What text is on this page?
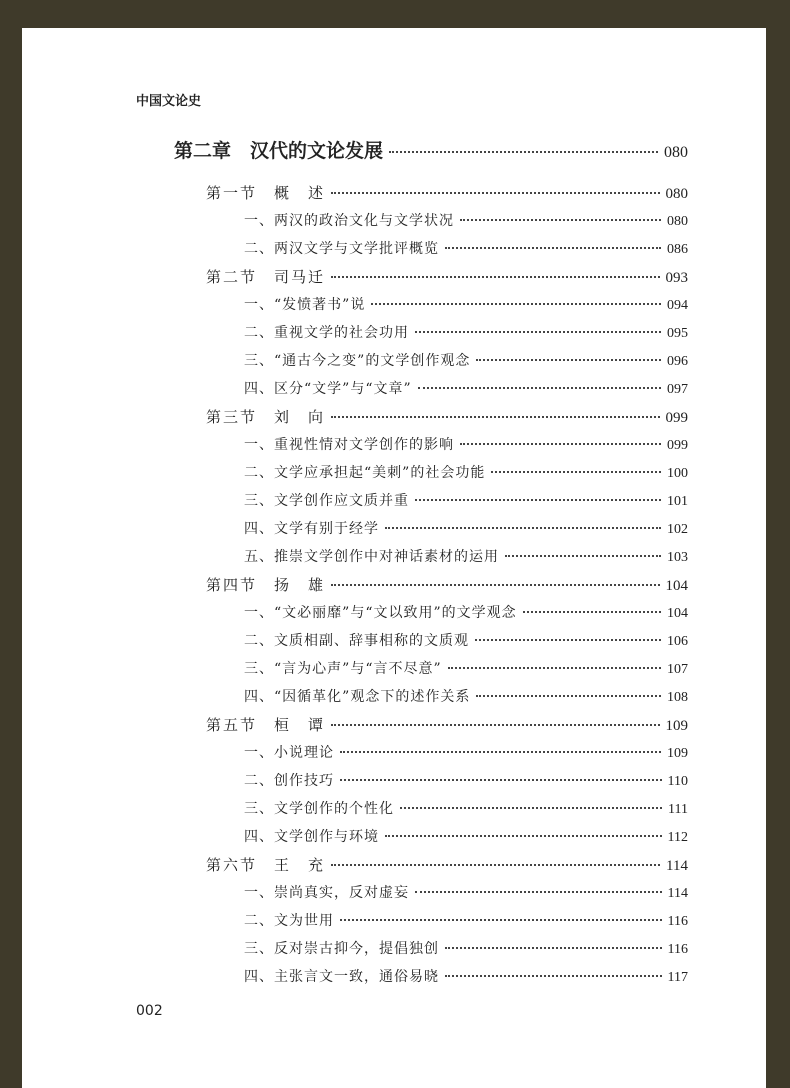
中国文论史
第二章　汉代的文论发展	080
第一节　概　述	080
一、两汉的政治文化与文学状况	080
二、两汉文学与文学批评概览	086
第二节　司马迁	093
一、“发愤著书”说	094
二、重视文学的社会功用	095
三、“通古今之变”的文学创作观念	096
四、区分“文学”与“文章”	097
第三节　刘　向	099
一、重视性情对文学创作的影响	099
二、文学应承担起“美刺”的社会功能	100
三、文学创作应文质并重	101
四、文学有别于经学	102
五、推崇文学创作中对神话素材的运用	103
第四节　扬　雄	104
一、“文必丽靡”与“文以致用”的文学观念	104
二、文质相副、辞事相称的文质观	106
三、“言为心声”与“言不尽意”	107
四、“因循革化”观念下的述作关系	108
第五节　桓　谭	109
一、小说理论	109
二、创作技巧	110
三、文学创作的个性化	111
四、文学创作与环境	112
第六节　王　充	114
一、崇尚真实，反对虚妄	114
二、文为世用	116
三、反对崇古抑今，提倡独创	116
四、主张言文一致，通俗易晓	117
002
